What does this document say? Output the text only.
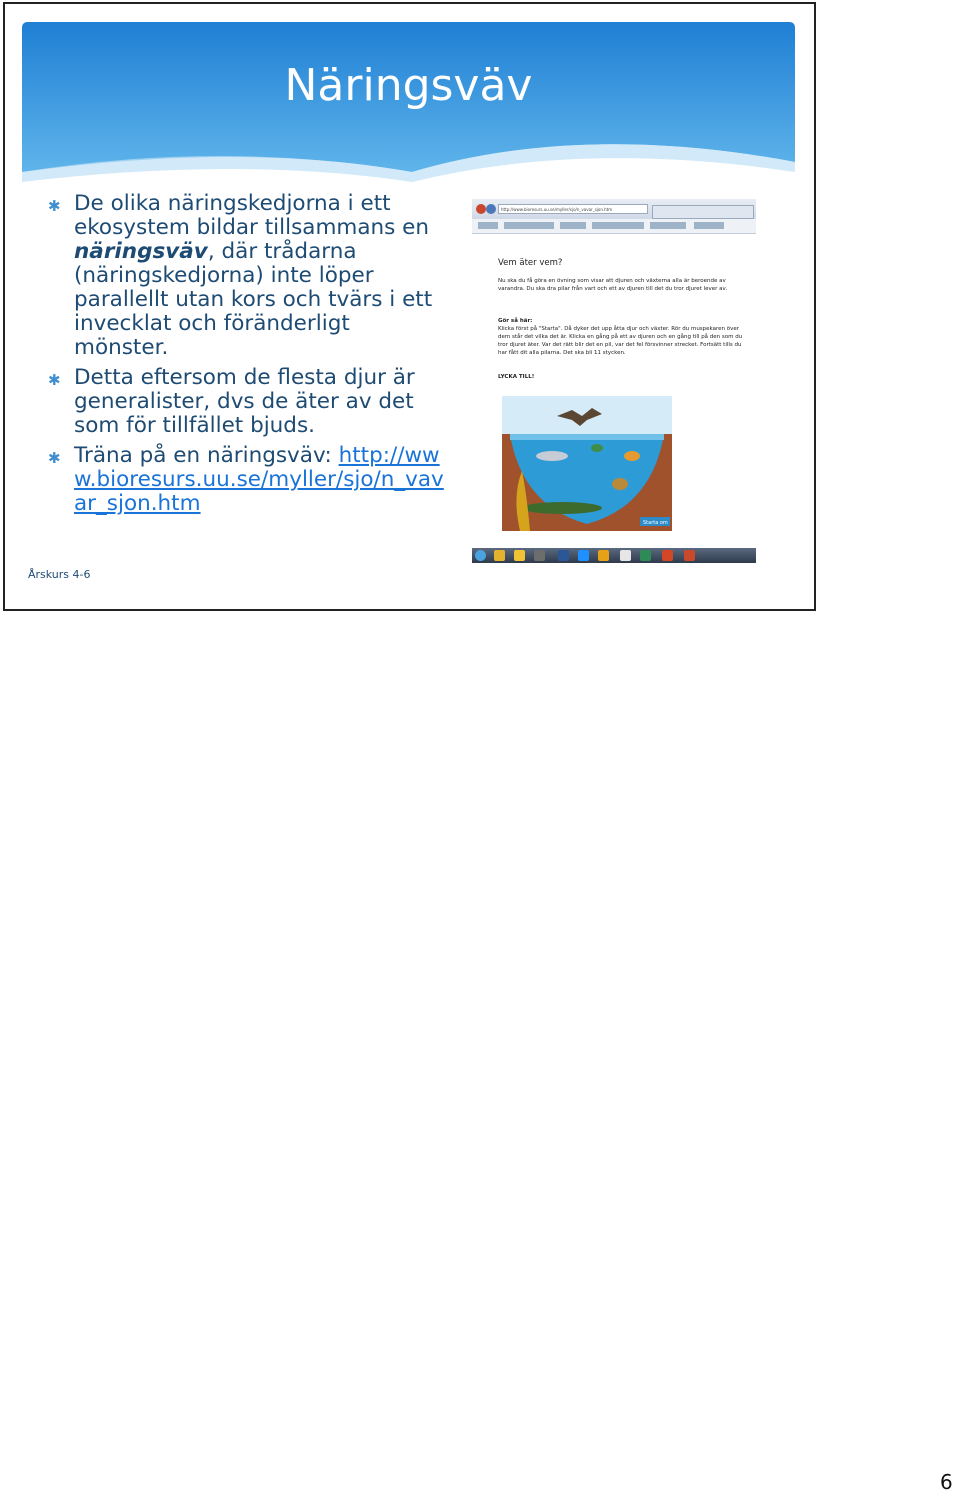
Näringsväv
✱ De olika näringskedjorna i ett ekosystem bildar tillsammans en näringsväv, där trådarna (näringskedjorna) inte löper parallellt utan kors och tvärs i ett invecklat och föränderligt mönster.
✱ Detta eftersom de flesta djur är generalister, dvs de äter av det som för tillfället bjuds.
✱ Träna på en näringsväv: http://www.bioresurs.uu.se/myller/sjo/n_vavar_sjon.htm
Årskurs 4-6
http://www.bioresurs.uu.se/myller/sjo/n_vavar_sjon.htm
Vem äter vem?
Nu ska du få göra en övning som visar att djuren och växterna alla är beroende av varandra. Du ska dra pilar från vart och ett av djuren till det du tror djuret lever av.
Gör så här:
Klicka först på "Starta". Då dyker det upp åtta djur och växter. Rör du muspekaren över dem står det vilka det är. Klicka en gång på ett av djuren och en gång till på den som du tror djuret äter. Var det rätt blir det en pil, var det fel försvinner strecket. Fortsätt tills du har fått dit alla pilarna. Det ska bli 11 stycken.
LYCKA TILL!
Starta om
6
